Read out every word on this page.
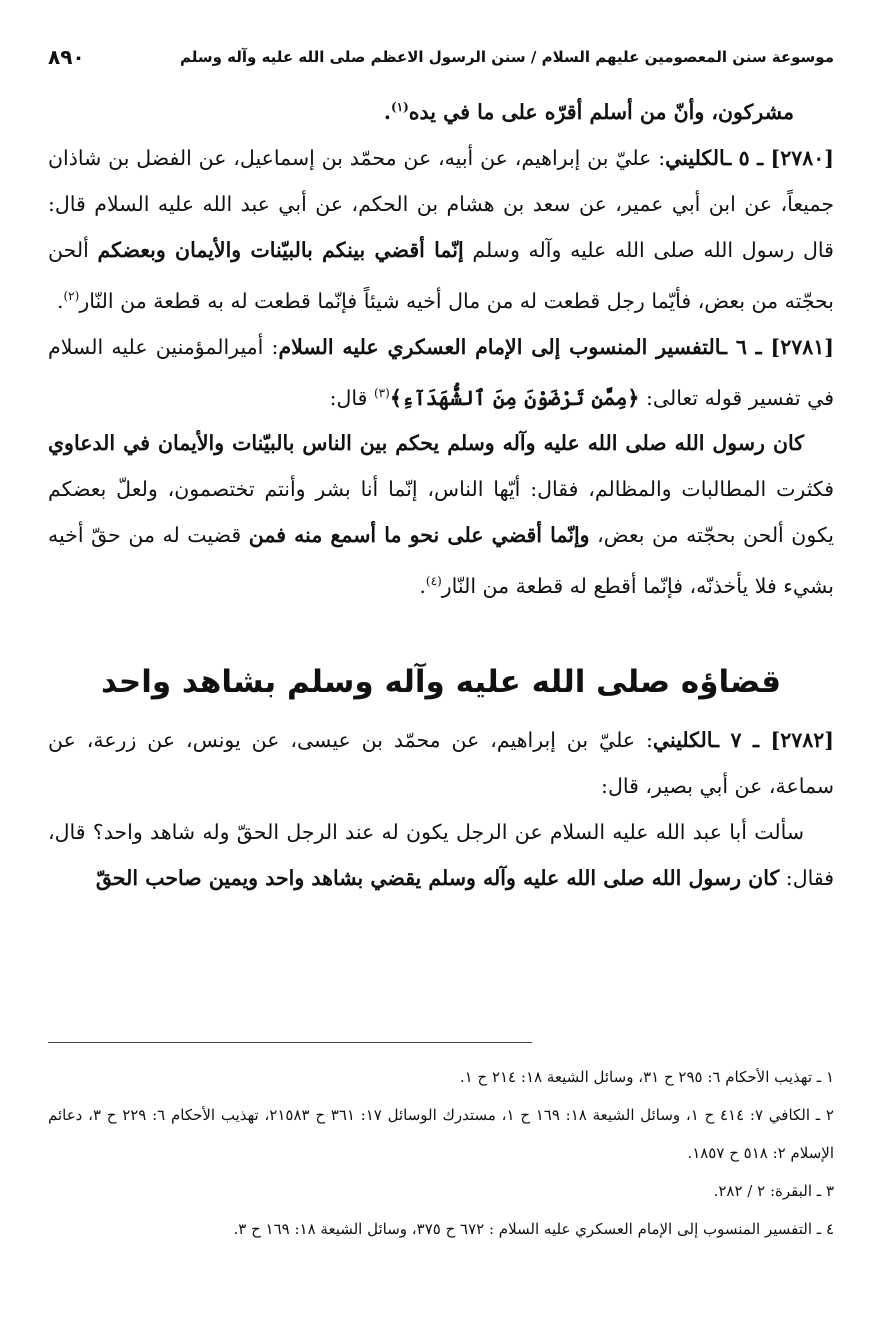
موسوعة سنن المعصومين عليهم السلام / سنن الرسول الاعظم صلى الله عليه وآله وسلم
٨٩٠

مشركون، وأنّ من أسلم أقرّه على ما في يده$^{(١)}$.

[٢٧٨٠] ـ ٥ ـالكليني: عليّ بن إبراهيم، عن أبيه، عن محمّد بن إسماعيل، عن الفضل بن شاذان جميعاً، عن ابن أبي عمير، عن سعد بن هشام بن الحكم، عن أبي عبد الله عليه السلام قال: قال رسول الله صلى الله عليه وآله وسلم إنّما أقضي بينكم بالبيّنات والأيمان وبعضكم ألحن بحجّته من بعض، فأيّما رجل قطعت له من مال أخيه شيئاً فإنّما قطعت له به قطعة من النّار$^{(٢)}$.

[٢٧٨١] ـ ٦ ـالتفسير المنسوب إلى الإمام العسكري عليه السلام: أميرالمؤمنين عليه السلام في تفسير قوله تعالى: ﴿مِمَّن تَرْضَوْنَ مِنَ ٱلشُّهَدَآءِ﴾$^{(٣)}$ قال:

كان رسول الله صلى الله عليه وآله وسلم يحكم بين الناس بالبيّنات والأيمان في الدعاوي فكثرت المطالبات والمظالم، فقال: أيّها الناس، إنّما أنا بشر وأنتم تختصمون، ولعلّ بعضكم يكون ألحن بحجّته من بعض، وإنّما أقضي على نحو ما أسمع منه فمن قضيت له من حقّ أخيه بشيء فلا يأخذنّه، فإنّما أقطع له قطعة من النّار$^{(٤)}$.

قضاؤه صلى الله عليه وآله وسلم بشاهد واحد

[٢٧٨٢] ـ ٧ ـالكليني: عليّ بن إبراهيم، عن محمّد بن عيسى، عن يونس، عن زرعة، عن سماعة، عن أبي بصير، قال:

سألت أبا عبد الله عليه السلام عن الرجل يكون له عند الرجل الحقّ وله شاهد واحد؟ قال، فقال: كان رسول الله صلى الله عليه وآله وسلم يقضي بشاهد واحد ويمين صاحب الحقّ

١ ـ تهذيب الأحكام ٦: ٢٩٥ ح ٣١، وسائل الشيعة ١٨: ٢١٤ ح ١.

٢ ـ الكافي ٧: ٤١٤ ح ١، وسائل الشيعة ١٨: ١٦٩ ح ١، مستدرك الوسائل ١٧: ٣٦١ ح ٢١٥٨٣، تهذيب الأحكام ٦: ٢٢٩ ح ٣، دعائم الإسلام ٢: ٥١٨ ح ١٨٥٧.

٣ ـ البقرة: ٢ / ٢٨٢.

٤ ـ التفسير المنسوب إلى الإمام العسكري عليه السلام : ٦٧٢ ح ٣٧٥، وسائل الشيعة ١٨: ١٦٩ ح ٣.
